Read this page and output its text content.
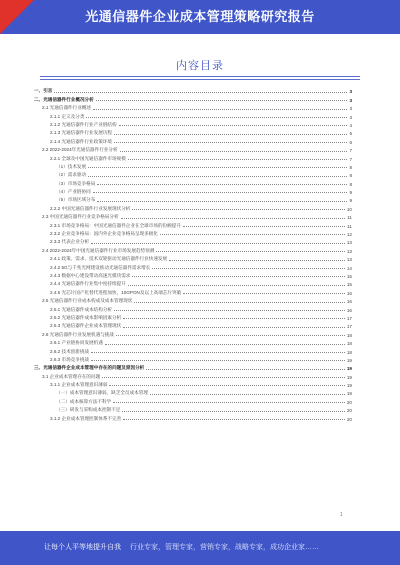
光通信器件企业成本管理策略研究报告
内容目录
一、引言	3
二、光通信器件行业概况分析	3
2.1 光通信器件行业概述	3
2.1.1 定义及分类	3
2.1.2 光通信器件行业产业链结构	4
2.1.3 光通信器件行业发展历程	5
2.1.4 光通信器件行业政策环境	6
2.2 2022-2024年光通信器件行业分析	7
2.2.1 全球及中国光通信器件市场规模	7
（1）技术发展	8
（2）需求驱动	8
（3）市场竞争格局	8
（4）产业链协同	9
（5）市场区域分布	9
2.2.2 中国光通信器件行业发展现状分析	10
2.3 中国光通信器件行业竞争格局分析	11
2.3.1 市场竞争格局：中国光通信器件企业在全球市场的份额提升	11
2.3.2 企业竞争格局：国内外企业竞争格局呈现多极化	12
2.3.3 代表企业分析	13
2.4 2022-2024年中国光通信器件行业市场发展趋势预测	13
2.4.1 政策、需求、技术双轮驱动光通信器件行业快速发展	13
2.4.2 5G与千兆光网建设推动光通信器件需求增长	14
2.4.3 数据中心建设带动高速光模块需求	15
2.4.4 光通信器件行业集中度持续提升	15
2.4.5 光芯片国产化替代进程加快，10GPON及以上高端芯片突破	16
2.5 光通信器件行业成本构成及成本管理现状	16
2.5.1 光通信器件成本结构分析	16
2.5.2 光通信器件成本影响因素分析	17
2.5.3 光通信器件企业成本管理现状	17
2.6 光通信器件行业发展机遇与挑战	18
2.6.1 产业链协同发展机遇	18
2.6.2 技术创新挑战	18
2.6.3 市场竞争挑战	19
三、光通信器件企业成本管理中存在的问题及原因分析	19
3.1 企业成本管理存在的问题	19
3.1.1 企业成本管理意识薄弱	19
（一）成本管理意识薄弱，缺乏全员成本管理	19
（二）成本核算方法不科学	20
（三）研发与采购成本控制不足	20
3.1.2 企业成本管理控制体系不完善	20
1
让每个人平等地提升自我 行业专家，管理专家，营销专家，战略专家，成功企业家……
